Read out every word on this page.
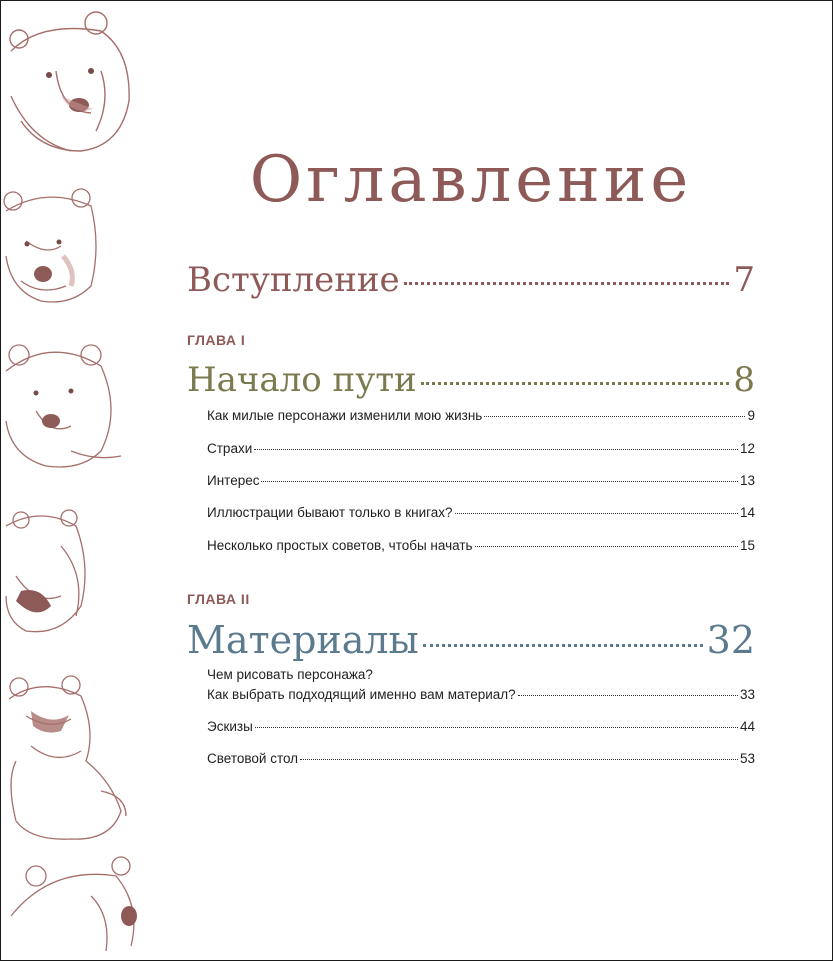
Оглавление
Вступление	7
ГЛАВА I
Начало пути	8
Как милые персонажи изменили мою жизнь	9
Страхи	12
Интерес	13
Иллюстрации бывают только в книгах?	14
Несколько простых советов, чтобы начать	15
ГЛАВА II
Материалы	32
Чем рисовать персонажа?
Как выбрать подходящий именно вам материал?	33
Эскизы	44
Световой стол	53
